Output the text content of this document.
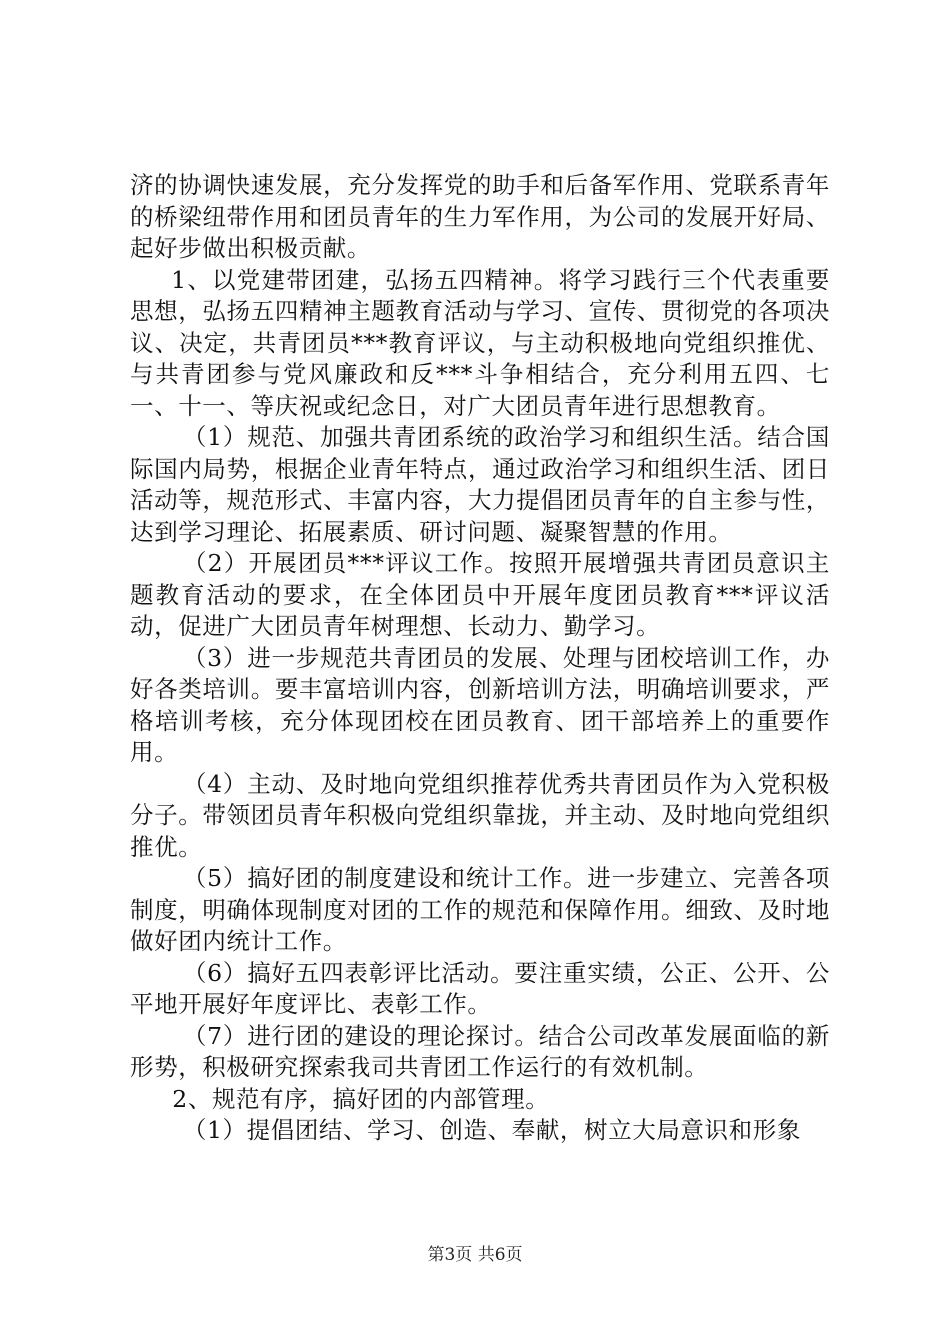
济的协调快速发展，充分发挥党的助手和后备军作用、党联系青年的桥梁纽带作用和团员青年的生力军作用，为公司的发展开好局、起好步做出积极贡献。

1、以党建带团建，弘扬五四精神。将学习践行三个代表重要思想，弘扬五四精神主题教育活动与学习、宣传、贯彻党的各项决议、决定，共青团员***教育评议，与主动积极地向党组织推优、与共青团参与党风廉政和反***斗争相结合，充分利用五四、七一、十一、等庆祝或纪念日，对广大团员青年进行思想教育。

（1）规范、加强共青团系统的政治学习和组织生活。结合国际国内局势，根据企业青年特点，通过政治学习和组织生活、团日活动等，规范形式、丰富内容，大力提倡团员青年的自主参与性，达到学习理论、拓展素质、研讨问题、凝聚智慧的作用。

（2）开展团员***评议工作。按照开展增强共青团员意识主题教育活动的要求，在全体团员中开展年度团员教育***评议活动，促进广大团员青年树理想、长动力、勤学习。

（3）进一步规范共青团员的发展、处理与团校培训工作，办好各类培训。要丰富培训内容，创新培训方法，明确培训要求，严格培训考核，充分体现团校在团员教育、团干部培养上的重要作用。

（4）主动、及时地向党组织推荐优秀共青团员作为入党积极分子。带领团员青年积极向党组织靠拢，并主动、及时地向党组织推优。

（5）搞好团的制度建设和统计工作。进一步建立、完善各项制度，明确体现制度对团的工作的规范和保障作用。细致、及时地做好团内统计工作。

（6）搞好五四表彰评比活动。要注重实绩，公正、公开、公平地开展好年度评比、表彰工作。

（7）进行团的建设的理论探讨。结合公司改革发展面临的新形势，积极研究探索我司共青团工作运行的有效机制。

2、规范有序，搞好团的内部管理。

（1）提倡团结、学习、创造、奉献，树立大局意识和形象

第3页 共6页
